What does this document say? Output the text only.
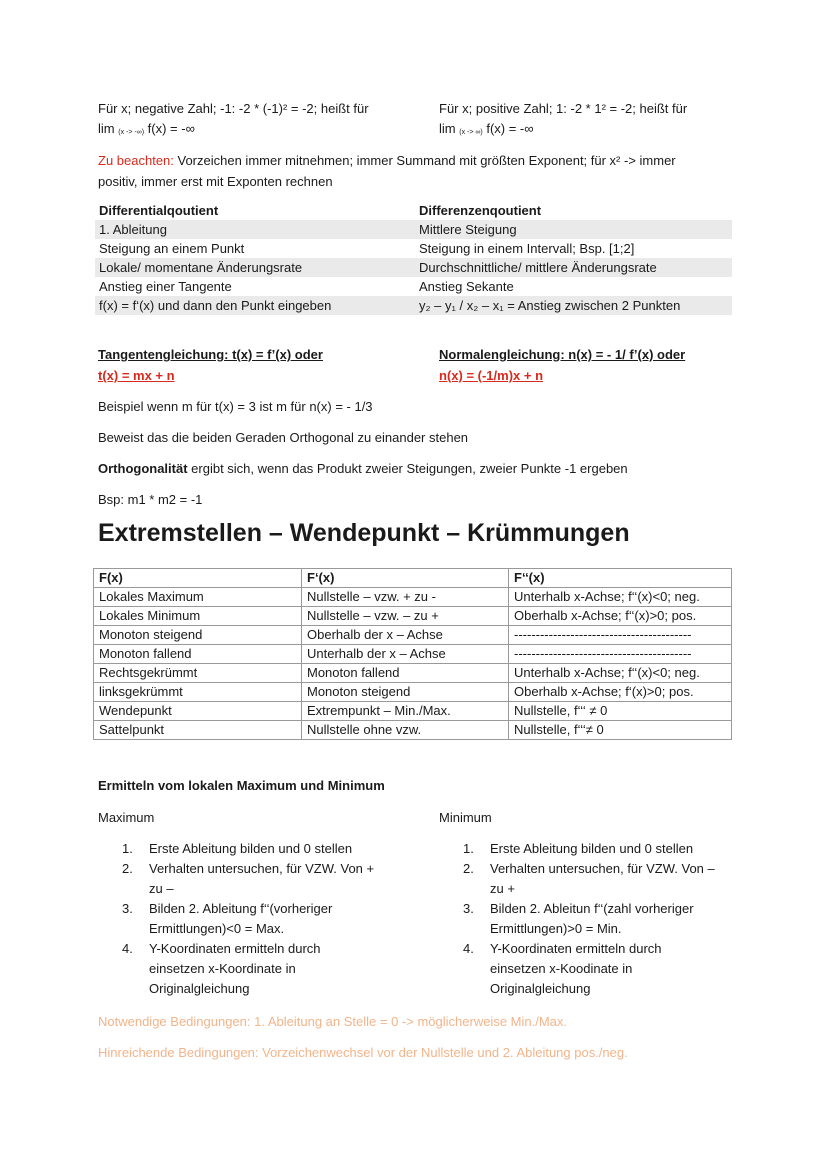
Für x; negative Zahl; -1: -2 * (-1)² = -2; heißt für
lim (x -> -∞) f(x) = -∞
Für x; positive Zahl; 1: -2 * 1² = -2; heißt für
lim (x -> ∞) f(x) = -∞
Zu beachten: Vorzeichen immer mitnehmen; immer Summand mit größten Exponent; für x² -> immer
positiv, immer erst mit Exponten rechnen
Differentialqoutient	Differenzenqoutient
1. Ableitung	Mittlere Steigung
Steigung an einem Punkt	Steigung in einem Intervall; Bsp. [1;2]
Lokale/ momentane Änderungsrate	Durchschnittliche/ mittlere Änderungsrate
Anstieg einer Tangente	Anstieg Sekante
f(x) = f‘(x) und dann den Punkt eingeben	y₂ – y₁ / x₂ – x₁ = Anstieg zwischen 2 Punkten
Tangentengleichung: t(x) = f’(x) oder
t(x) = mx + n
Normalengleichung: n(x) = - 1/ f’(x) oder
n(x) = (-1/m)x + n
Beispiel wenn m für t(x) = 3 ist m für n(x) = - 1/3
Beweist das die beiden Geraden Orthogonal zu einander stehen
Orthogonalität ergibt sich, wenn das Produkt zweier Steigungen, zweier Punkte -1 ergeben
Bsp: m1 * m2 = -1
Extremstellen – Wendepunkt – Krümmungen
F(x)	F‘(x)	F‘‘(x)
Lokales Maximum	Nullstelle – vzw. + zu -	Unterhalb x-Achse; f‘‘(x)<0; neg.
Lokales Minimum	Nullstelle – vzw. – zu +	Oberhalb x-Achse; f‘‘(x)>0; pos.
Monoton steigend	Oberhalb der x – Achse	-----------------------------------------
Monoton fallend	Unterhalb der x – Achse	-----------------------------------------
Rechtsgekrümmt	Monoton fallend	Unterhalb x-Achse; f‘‘(x)<0; neg.
linksgekrümmt	Monoton steigend	Oberhalb x-Achse; f‘(x)>0; pos.
Wendepunkt	Extrempunkt – Min./Max.	Nullstelle, f‘‘‘ ≠ 0
Sattelpunkt	Nullstelle ohne vzw.	Nullstelle, f‘‘‘≠ 0
Ermitteln vom lokalen Maximum und Minimum
Maximum	Minimum
1. Erste Ableitung bilden und 0 stellen
2. Verhalten untersuchen, für VZW. Von +
zu –
3. Bilden 2. Ableitung f‘‘(vorheriger
Ermittlungen)<0 = Max.
4. Y-Koordinaten ermitteln durch
einsetzen x-Koordinate in
Originalgleichung
1. Erste Ableitung bilden und 0 stellen
2. Verhalten untersuchen, für VZW. Von –
zu +
3. Bilden 2. Ableitun f‘‘(zahl vorheriger
Ermittlungen)>0 = Min.
4. Y-Koordinaten ermitteln durch
einsetzen x-Koodinate in
Originalgleichung
Notwendige Bedingungen: 1. Ableitung an Stelle = 0 -> möglicherweise Min./Max.
Hinreichende Bedingungen: Vorzeichenwechsel vor der Nullstelle und 2. Ableitung pos./neg.
